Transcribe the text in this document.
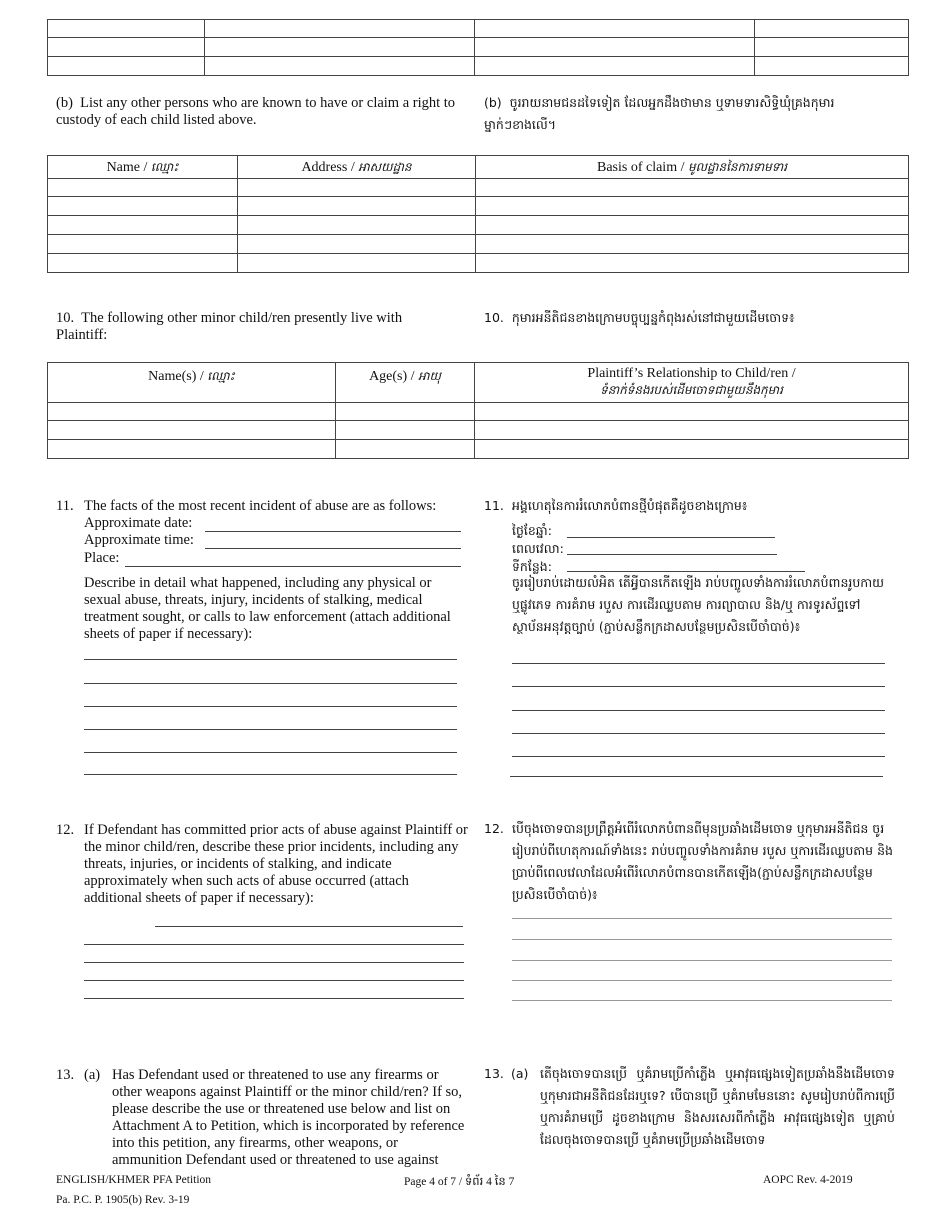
(b) List any other persons who are known to have or claim a right to custody of each child listed above.
(b) ចូរ​រាយ​នាម​ជន​ដទៃ​ទៀត ដែល​អ្នក​ដឹង​ថា​មាន ឬ​ទាម​ទារ​សិទ្ធិ​ឃុំ​គ្រង​កុមារ​ម្នាក់ៗ​ខាង​លើ។
Name / ឈ្មោះ	Address / អាសយដ្ឋាន	Basis of claim / មូលដ្ឋាននៃការទាមទារ

10. The following other minor child/ren presently live with Plaintiff:
10. កុមារ​អនីតិជន​ខាង​ក្រោម​បច្ចុប្បន្ន​កំពុង​រស់​នៅ​ជា​មួយ​ដើម​ចោទ៖
Name(s) / ឈ្មោះ	Age(s) / អាយុ	Plaintiff’s Relationship to Child/ren /
ទំនាក់ទំនងរបស់ដើមចោទជាមួយនឹងកុមារ

11. The facts of the most recent incident of abuse are as follows:
Approximate date:
Approximate time:
Place:
Describe in detail what happened, including any physical or sexual abuse, threats, injury, incidents of stalking, medical treatment sought, or calls to law enforcement (attach additional sheets of paper if necessary):
11. អង្គហេតុ​នៃ​ការ​រំលោភ​បំពាន​ថ្មី​បំផុត​គឺ​ដូច​ខាង​ក្រោម៖
ថ្ងៃខែឆ្នាំ:
ពេលវេលា:
ទីកន្លែង:
ចូររៀបរាប់ដោយលំអិត តើអ្វីបានកើតឡើង រាប់បញ្ចូលទាំងការរំលោភបំពានរូបកាយ ឬផ្លូវភេទ ការគំរាម របួស ការដើរឈ្លបតាម ការព្យាបាល និង/ឬ ការទូរស័ព្ទទៅស្ថាប័នអនុវត្តច្បាប់ (ភ្ជាប់សន្លឹកក្រដាសបន្ថែមប្រសិនបើចាំបាច់)៖
12. If Defendant has committed prior acts of abuse against Plaintiff or the minor child/ren, describe these prior incidents, including any threats, injuries, or incidents of stalking, and indicate approximately when such acts of abuse occurred (attach additional sheets of paper if necessary):
12. បើ​ចុង​ចោទ​បាន​ប្រព្រឹត្ត​អំពើ​រំលោភ​បំពាន​ពី​មុន​ប្រឆាំង​ដើម​ចោទ ឬ​កុមារ​អនីតិជន ចូរ​រៀបរាប់​ពី​ហេតុការណ៍​ទាំង​នេះ រាប់​បញ្ចូល​ទាំង​ការ​គំរាម របួស ឬ​ការ​ដើរ​ឈ្លប​តាម និង​ប្រាប់​ពី​ពេល​វេលា​ដែល​អំពើ​រំលោភ​បំពាន​បាន​កើត​ឡើង(ភ្ជាប់​សន្លឹក​ក្រដាស​បន្ថែម​ប្រសិន​បើ​ចាំបាច់)៖
13. (a) Has Defendant used or threatened to use any firearms or other weapons against Plaintiff or the minor child/ren? If so, please describe the use or threatened use below and list on Attachment A to Petition, which is incorporated by reference into this petition, any firearms, other weapons, or ammunition Defendant used or threatened to use against
13. (a) តើ​ចុង​ចោទ​បាន​ប្រើ ឬ​គំរាម​ប្រើ​កាំភ្លើង ឬ​អាវុធ​ផ្សេង​ទៀត​ប្រឆាំង​នឹង​ដើម​ចោទ ឬ​កុមារ​ជា​អនីតិជន​ដែរ​ឬទេ? បើ​បាន​ប្រើ ឬ​គំរាម​មែន​នោះ សូម​រៀបរាប់​ពី​ការ​ប្រើ ឬ​ការ​គំរាម​ប្រើ ដូច​ខាង​ក្រោម និង​សរសេរ​ពី​កាំភ្លើង អាវុធ​ផ្សេង​ទៀត ឬ​គ្រាប់ ដែល​ចុង​ចោទ​បាន​ប្រើ ឬ​គំរាម​ប្រើ​ប្រឆាំង​ដើម​ចោទ
ENGLISH/KHMER PFA Petition
Pa. P.C. P. 1905(b) Rev. 3-19
Page 4 of 7 / ទំព័រ 4 នៃ 7	AOPC Rev. 4-2019
